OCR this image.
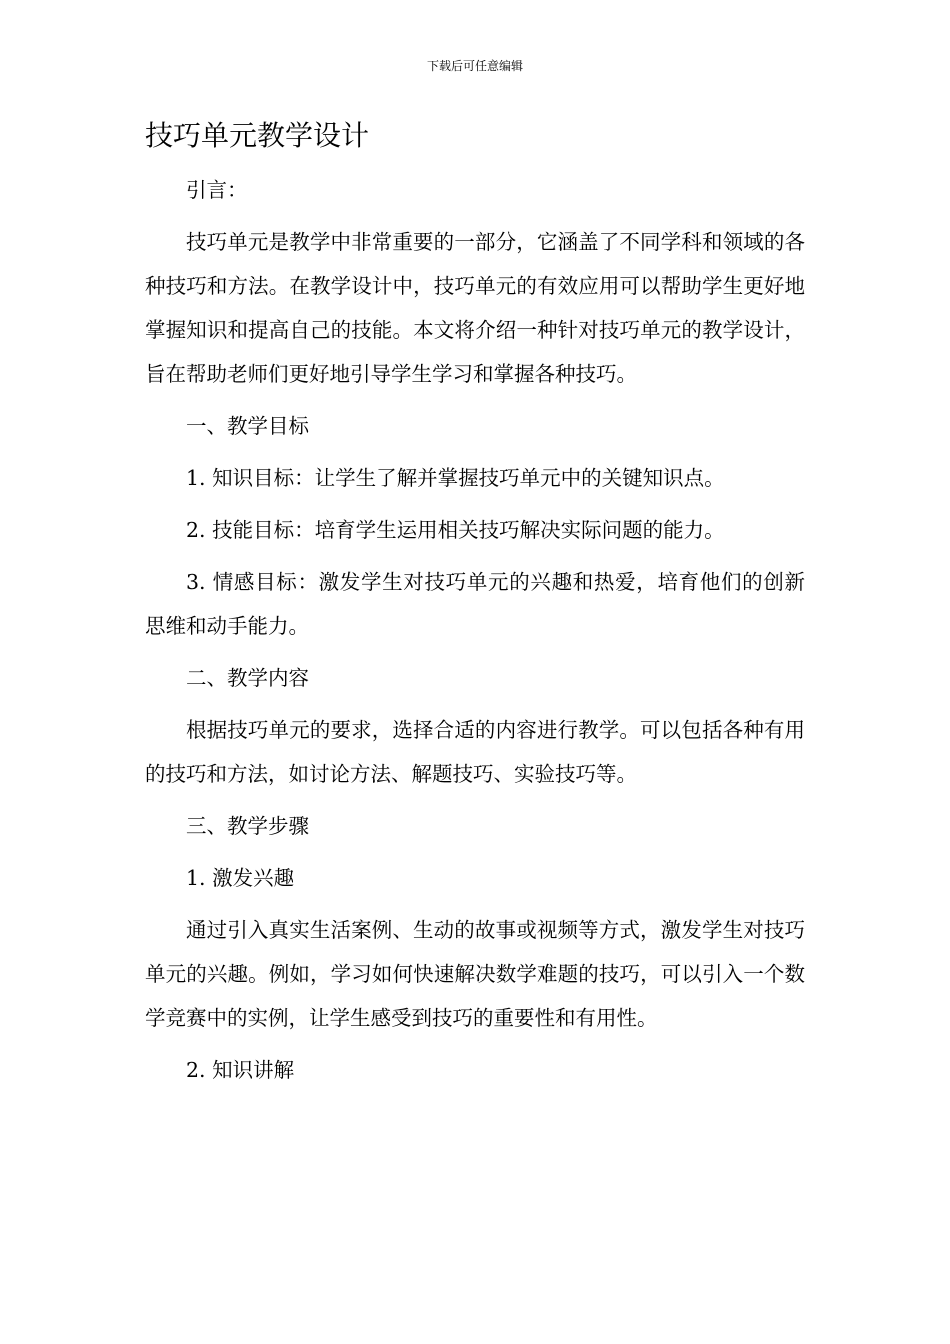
下载后可任意编辑
技巧单元教学设计

引言：

技巧单元是教学中非常重要的一部分，它涵盖了不同学科和领域的各种技巧和方法。在教学设计中，技巧单元的有效应用可以帮助学生更好地掌握知识和提高自己的技能。本文将介绍一种针对技巧单元的教学设计，旨在帮助老师们更好地引导学生学习和掌握各种技巧。

一、教学目标

1. 知识目标：让学生了解并掌握技巧单元中的关键知识点。

2. 技能目标：培育学生运用相关技巧解决实际问题的能力。

3. 情感目标：激发学生对技巧单元的兴趣和热爱，培育他们的创新思维和动手能力。

二、教学内容

根据技巧单元的要求，选择合适的内容进行教学。可以包括各种有用的技巧和方法，如讨论方法、解题技巧、实验技巧等。

三、教学步骤

1. 激发兴趣

通过引入真实生活案例、生动的故事或视频等方式，激发学生对技巧单元的兴趣。例如，学习如何快速解决数学难题的技巧，可以引入一个数学竞赛中的实例，让学生感受到技巧的重要性和有用性。

2. 知识讲解
